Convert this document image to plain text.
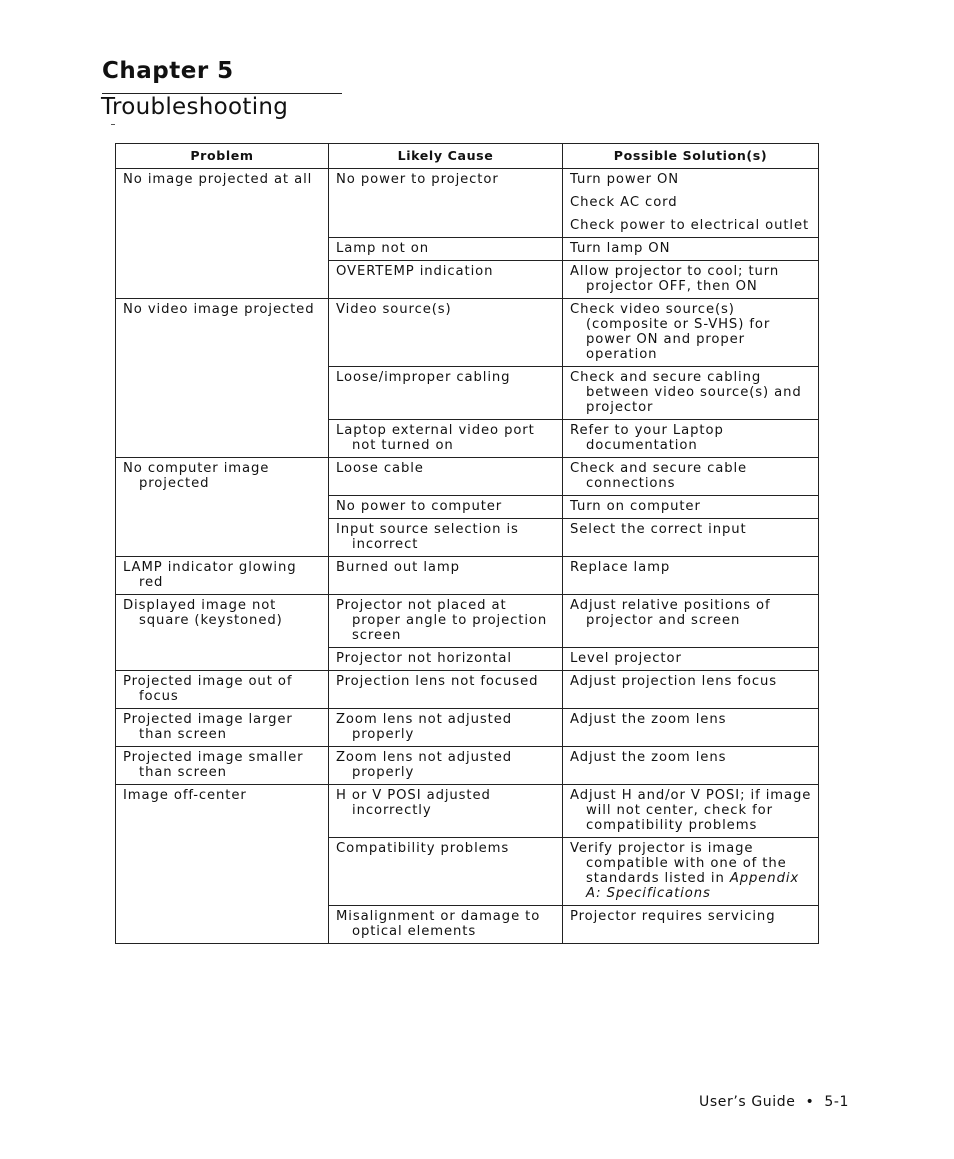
Chapter 5
Troubleshooting
Problem	Likely Cause	Possible Solution(s)

No image projected at all	No power to projector	Turn power ON

Check AC cord

Check power to electrical outlet

	Lamp not on	Turn lamp ON

	OVERTEMP indication	Allow projector to cool; turn projector OFF, then ON

No video image projected	Video source(s)	Check video source(s) (composite or S-VHS) for power ON and proper operation

	Loose/improper cabling	Check and secure cabling between video source(s) and projector

	Laptop external video port not turned on	Refer to your Laptop documentation

No computer image projected	Loose cable	Check and secure cable connections

	No power to computer	Turn on computer

	Input source selection is incorrect	Select the correct input

LAMP indicator glowing red	Burned out lamp	Replace lamp

Displayed image not square (keystoned)	Projector not placed at proper angle to projection screen	Adjust relative positions of projector and screen

	Projector not horizontal	Level projector

Projected image out of focus	Projection lens not focused	Adjust projection lens focus

Projected image larger than screen	Zoom lens not adjusted properly	Adjust the zoom lens

Projected image smaller than screen	Zoom lens not adjusted properly	Adjust the zoom lens

Image off-center	H or V POSI adjusted incorrectly	Adjust H and/or V POSI; if image will not center, check for compatibility problems

	Compatibility problems	Verify projector is image compatible with one of the standards listed in Appendix A: Specifications

	Misalignment or damage to optical elements	Projector requires servicing

User’s Guide • 5-1
